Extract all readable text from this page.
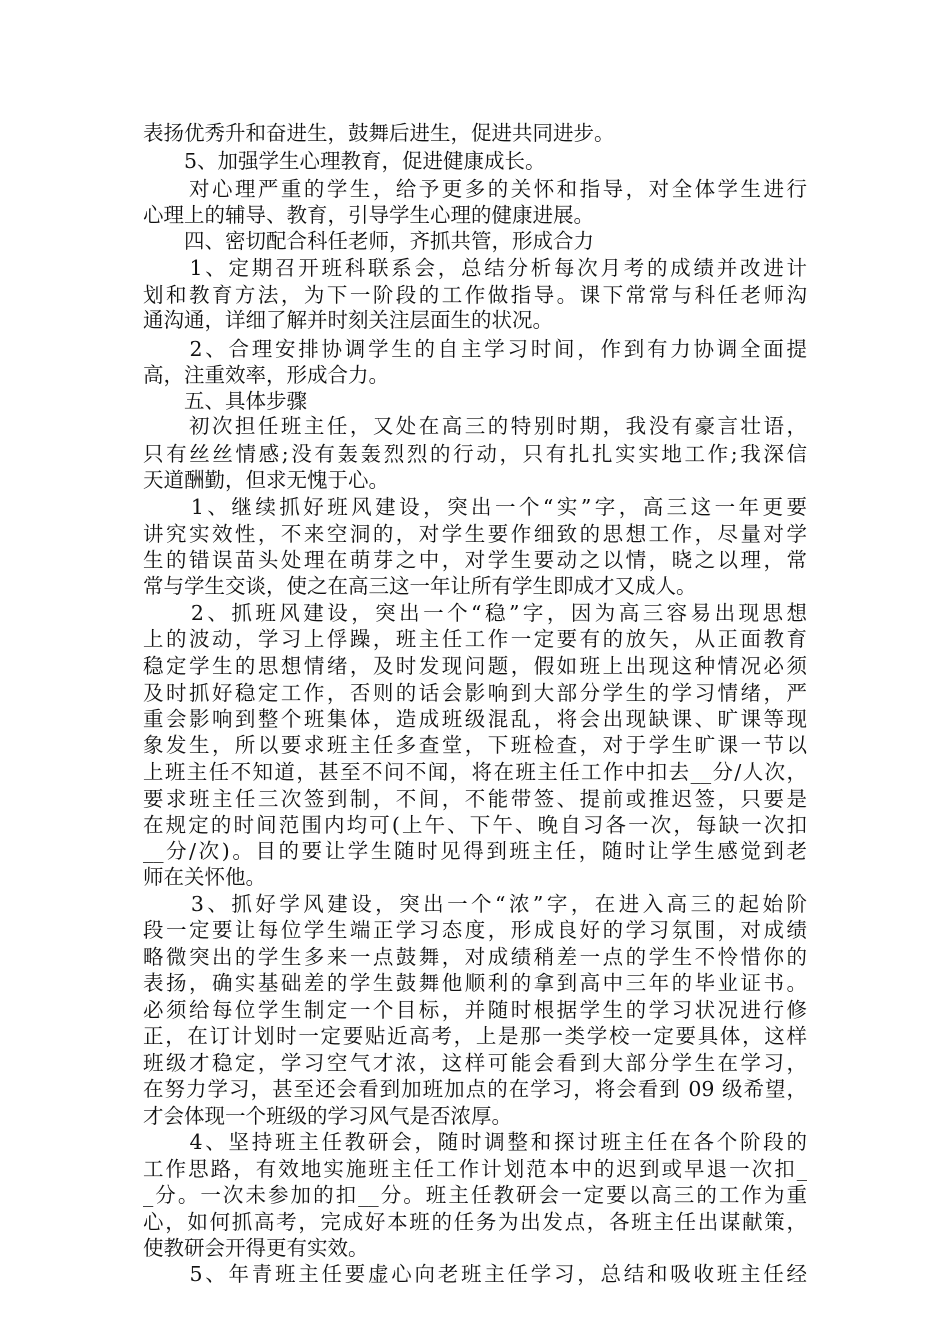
表扬优秀升和奋进生，鼓舞后进生，促进共同进步。
　　5、加强学生心理教育，促进健康成长。
　　对心理严重的学生，给予更多的关怀和指导，对全体学生进行
心理上的辅导、教育，引导学生心理的健康进展。
　　四、密切配合科任老师，齐抓共管，形成合力
　　1、定期召开班科联系会，总结分析每次月考的成绩并改进计
划和教育方法，为下一阶段的工作做指导。课下常常与科任老师沟
通沟通，详细了解并时刻关注层面生的状况。
　　2、合理安排协调学生的自主学习时间，作到有力协调全面提
高，注重效率，形成合力。
　　五、具体步骤
　　初次担任班主任，又处在高三的特别时期，我没有豪言壮语，
只有丝丝情感;没有轰轰烈烈的行动，只有扎扎实实地工作;我深信
天道酬勤，但求无愧于心。
　　1、继续抓好班风建设，突出一个“实”字，高三这一年更要
讲究实效性，不来空洞的，对学生要作细致的思想工作，尽量对学
生的错误苗头处理在萌芽之中，对学生要动之以情，晓之以理，常
常与学生交谈，使之在高三这一年让所有学生即成才又成人。
　　2、抓班风建设，突出一个“稳”字，因为高三容易出现思想
上的波动，学习上俘躁，班主任工作一定要有的放矢，从正面教育
稳定学生的思想情绪，及时发现问题，假如班上出现这种情况必须
及时抓好稳定工作，否则的话会影响到大部分学生的学习情绪，严
重会影响到整个班集体，造成班级混乱，将会出现缺课、旷课等现
象发生，所以要求班主任多查堂，下班检查，对于学生旷课一节以
上班主任不知道，甚至不问不闻，将在班主任工作中扣去__分/人次，
要求班主任三次签到制，不间，不能带签、提前或推迟签，只要是
在规定的时间范围内均可(上午、下午、晚自习各一次，每缺一次扣
__分/次)。目的要让学生随时见得到班主任，随时让学生感觉到老
师在关怀他。
　　3、抓好学风建设，突出一个“浓”字，在进入高三的起始阶
段一定要让每位学生端正学习态度，形成良好的学习氛围，对成绩
略微突出的学生多来一点鼓舞，对成绩稍差一点的学生不怜惜你的
表扬，确实基础差的学生鼓舞他顺利的拿到高中三年的毕业证书。
必须给每位学生制定一个目标，并随时根据学生的学习状况进行修
正，在订计划时一定要贴近高考，上是那一类学校一定要具体，这样
班级才稳定，学习空气才浓，这样可能会看到大部分学生在学习，
在努力学习，甚至还会看到加班加点的在学习，将会看到 09 级希望，
才会体现一个班级的学习风气是否浓厚。
　　4、坚持班主任教研会，随时调整和探讨班主任在各个阶段的
工作思路，有效地实施班主任工作计划范本中的迟到或早退一次扣_
_分。一次未参加的扣__分。班主任教研会一定要以高三的工作为重
心，如何抓高考，完成好本班的任务为出发点，各班主任出谋献策，
使教研会开得更有实效。
　　5、年青班主任要虚心向老班主任学习，总结和吸收班主任经
